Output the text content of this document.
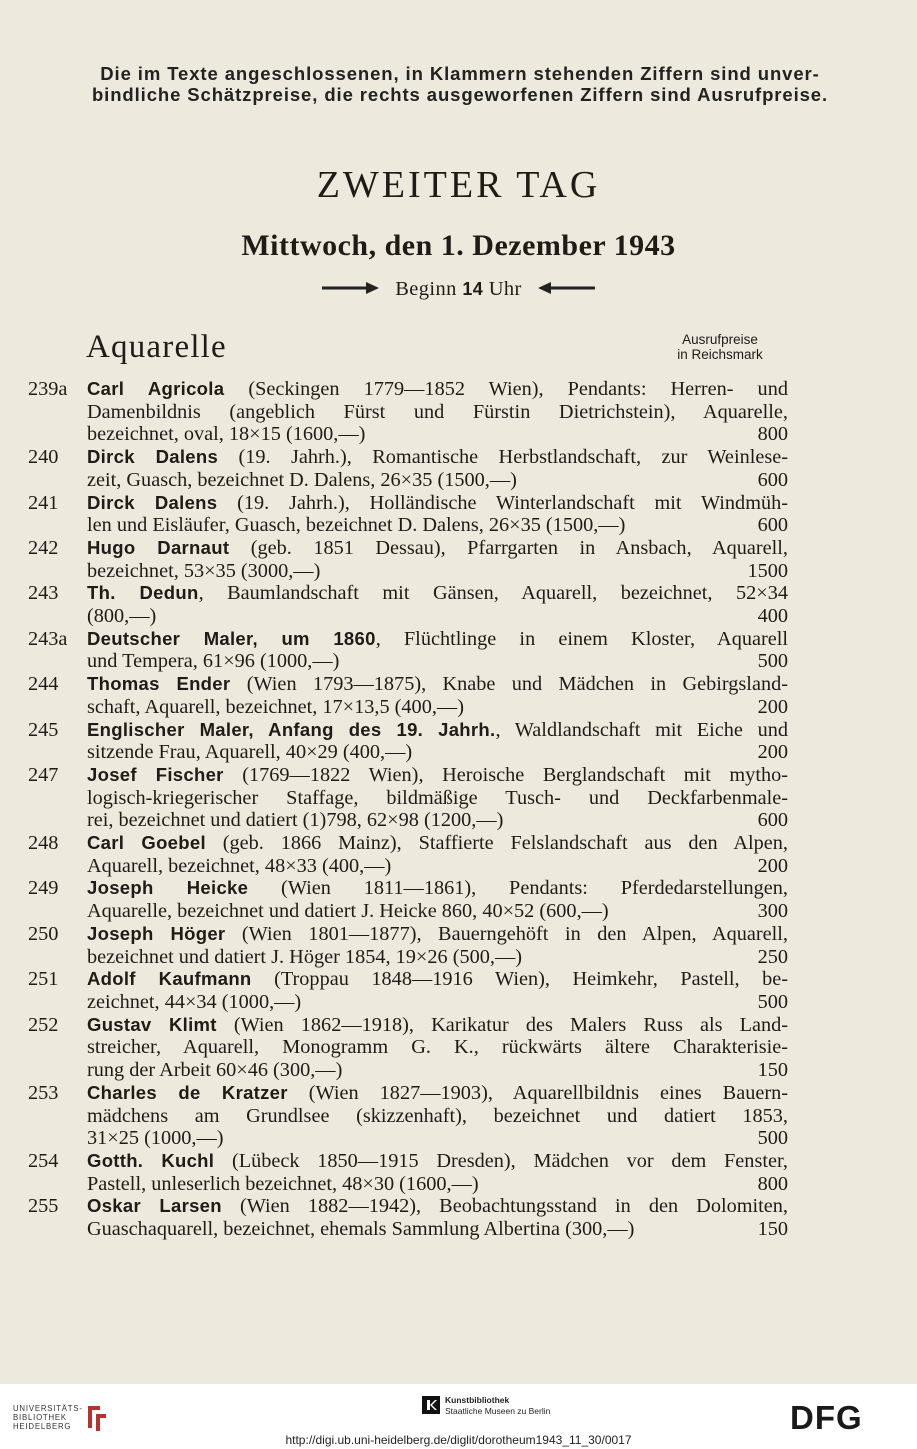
Die im Texte angeschlossenen, in Klammern stehenden Ziffern sind unver-
bindliche Schätzpreise, die rechts ausgeworfenen Ziffern sind Ausrufpreise.
ZWEITER TAG
Mittwoch, den 1. Dezember 1943
Beginn 14 Uhr
Aquarelle	Ausrufpreise
in Reichsmark
239a	Carl Agricola (Seckingen 1779—1852 Wien), Pendants: Herren- und
Damenbildnis (angeblich Fürst und Fürstin Dietrichstein), Aquarelle,
bezeichnet, oval, 18×15 (1600,—)	800
240	Dirck Dalens (19. Jahrh.), Romantische Herbstlandschaft, zur Weinlese-
zeit, Guasch, bezeichnet D. Dalens, 26×35 (1500,—)	600
241	Dirck Dalens (19. Jahrh.), Holländische Winterlandschaft mit Windmüh-
len und Eisläufer, Guasch, bezeichnet D. Dalens, 26×35 (1500,—)	600
242	Hugo Darnaut (geb. 1851 Dessau), Pfarrgarten in Ansbach, Aquarell,
bezeichnet, 53×35 (3000,—)	1500
243	Th. Dedun, Baumlandschaft mit Gänsen, Aquarell, bezeichnet, 52×34
(800,—)	400
243a	Deutscher Maler, um 1860, Flüchtlinge in einem Kloster, Aquarell
und Tempera, 61×96 (1000,—)	500
244	Thomas Ender (Wien 1793—1875), Knabe und Mädchen in Gebirgsland-
schaft, Aquarell, bezeichnet, 17×13,5 (400,—)	200
245	Englischer Maler, Anfang des 19. Jahrh., Waldlandschaft mit Eiche und
sitzende Frau, Aquarell, 40×29 (400,—)	200
247	Josef Fischer (1769—1822 Wien), Heroische Berglandschaft mit mytho-
logisch-kriegerischer Staffage, bildmäßige Tusch- und Deckfarbenmale-
rei, bezeichnet und datiert (1)798, 62×98 (1200,—)	600
248	Carl Goebel (geb. 1866 Mainz), Staffierte Felslandschaft aus den Alpen,
Aquarell, bezeichnet, 48×33 (400,—)	200
249	Joseph Heicke (Wien 1811—1861), Pendants: Pferdedarstellungen,
Aquarelle, bezeichnet und datiert J. Heicke 860, 40×52 (600,—)	300
250	Joseph Höger (Wien 1801—1877), Bauerngehöft in den Alpen, Aquarell,
bezeichnet und datiert J. Höger 1854, 19×26 (500,—)	250
251	Adolf Kaufmann (Troppau 1848—1916 Wien), Heimkehr, Pastell, be-
zeichnet, 44×34 (1000,—)	500
252	Gustav Klimt (Wien 1862—1918), Karikatur des Malers Russ als Land-
streicher, Aquarell, Monogramm G. K., rückwärts ältere Charakterisie-
rung der Arbeit 60×46 (300,—)	150
253	Charles de Kratzer (Wien 1827—1903), Aquarellbildnis eines Bauern-
mädchens am Grundlsee (skizzenhaft), bezeichnet und datiert 1853,
31×25 (1000,—)	500
254	Gotth. Kuchl (Lübeck 1850—1915 Dresden), Mädchen vor dem Fenster,
Pastell, unleserlich bezeichnet, 48×30 (1600,—)	800
255	Oskar Larsen (Wien 1882—1942), Beobachtungsstand in den Dolomiten,
Guaschaquarell, bezeichnet, ehemals Sammlung Albertina (300,—)	150
UNIVERSITÄTS-
BIBLIOTHEK
HEIDELBERG
Kunstbibliothek
Staatliche Museen zu Berlin	DFG
http://digi.ub.uni-heidelberg.de/diglit/dorotheum1943_11_30/0017
